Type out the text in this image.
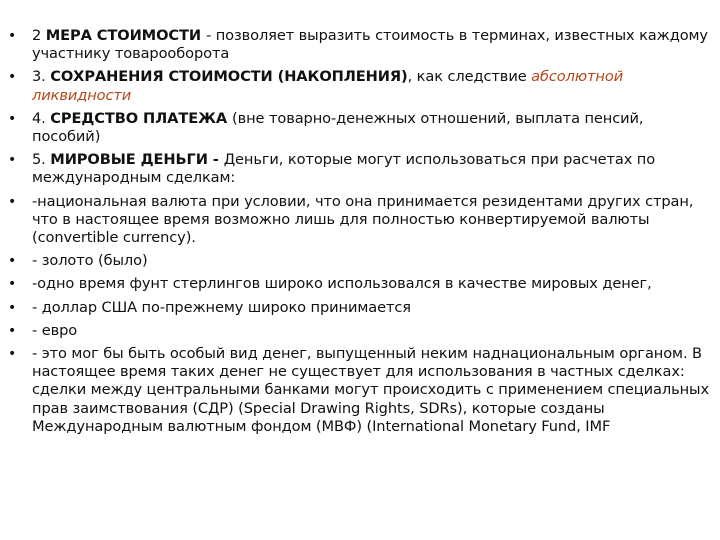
• 2 МЕРА СТОИМОСТИ - позволяет выразить стоимость в терминах, известных каждому участнику товарооборота
• 3. СОХРАНЕНИЯ СТОИМОСТИ (НАКОПЛЕНИЯ), как следствие абсолютной ликвидности
• 4. СРЕДСТВО ПЛАТЕЖА (вне товарно-денежных отношений, выплата пенсий, пособий)
• 5. МИРОВЫЕ ДЕНЬГИ - Деньги, которые могут использоваться при расчетах по международным сделкам:
• -национальная валюта при условии, что она принимается резидентами других стран, что в настоящее время возможно лишь для полностью конвертируемой валюты (convertible currency).
• - золото (было)
• -одно время фунт стерлингов широко использовался в качестве мировых денег,
• - доллар США по-прежнему широко принимается
• - евро
• - это мог бы быть особый вид денег, выпущенный неким наднациональным органом. В настоящее время таких денег не существует для использования в частных сделках: сделки между центральными банками могут происходить с применением специальных прав заимствования (СДР) (Special Drawing Rights, SDRs), которые созданы Международным валютным фондом (МВФ) (International Monetary Fund, IMF
